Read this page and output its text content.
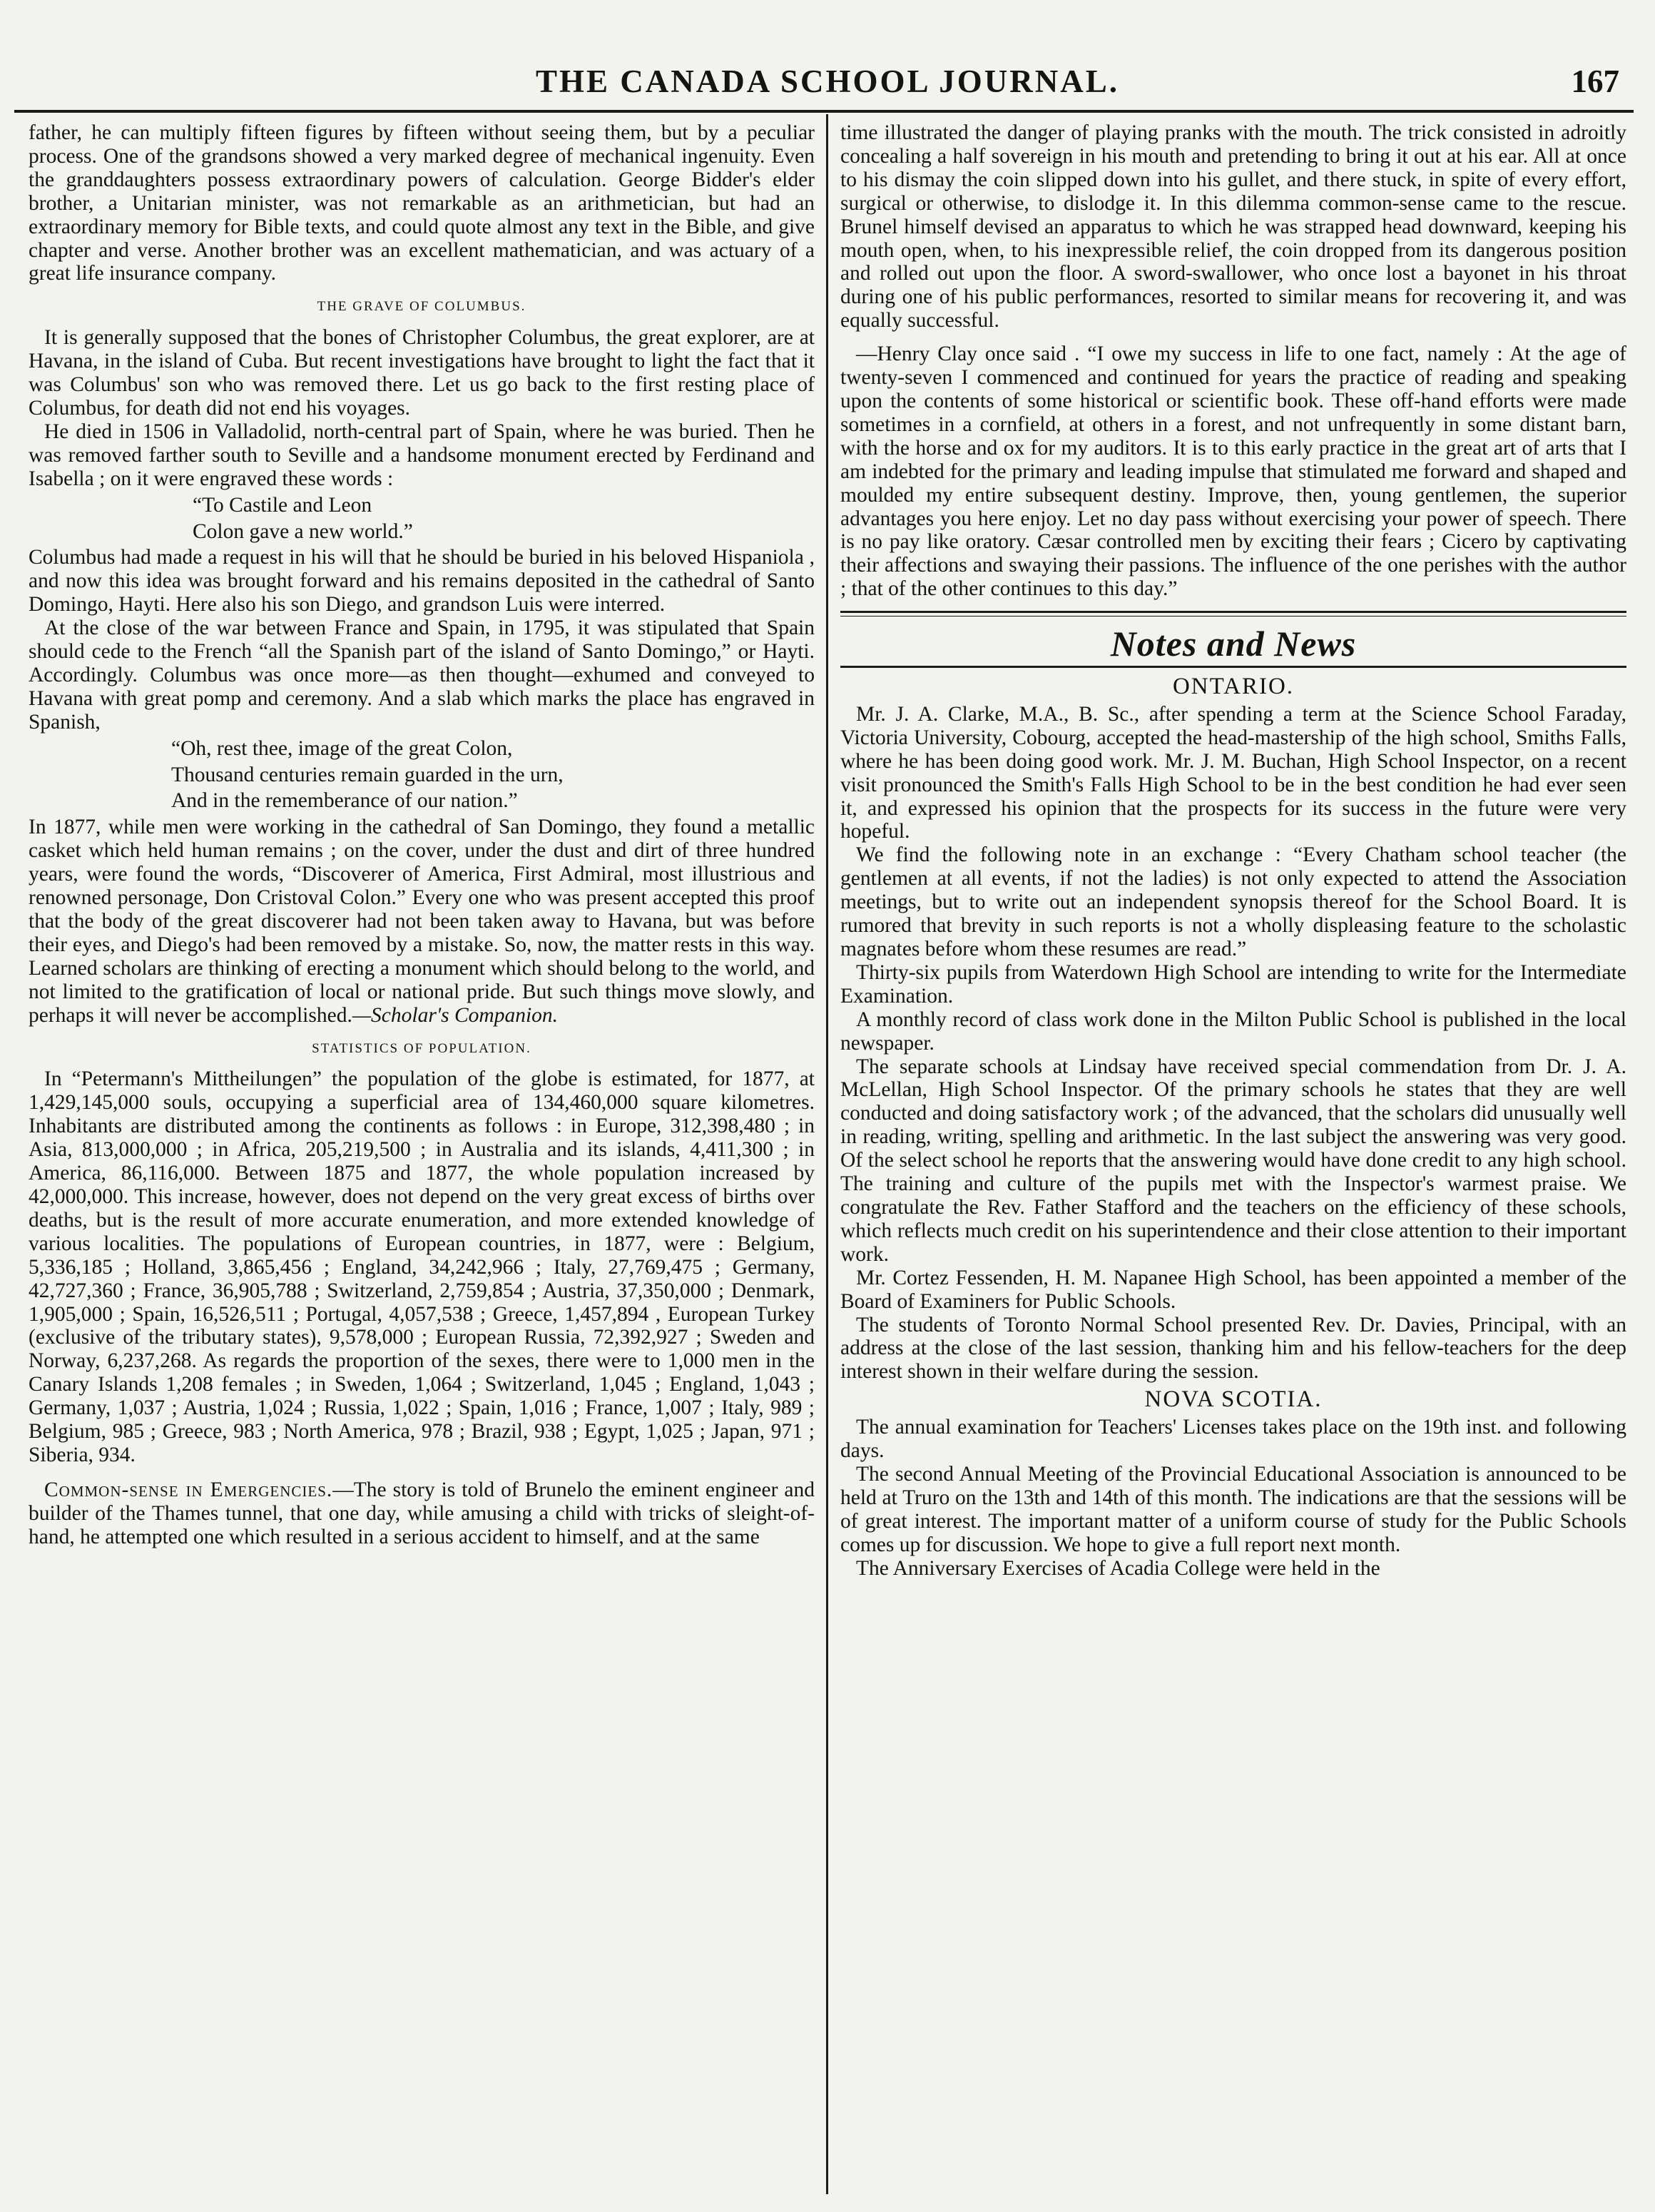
THE CANADA SCHOOL JOURNAL.	167

father, he can multiply fifteen figures by fifteen without seeing them, but by a peculiar process. One of the grandsons showed a very marked degree of mechanical ingenuity. Even the granddaughters possess extraordinary powers of calculation. George Bidder's elder brother, a Unitarian minister, was not remarkable as an arithmetician, but had an extraordinary memory for Bible texts, and could quote almost any text in the Bible, and give chapter and verse. Another brother was an excellent mathematician, and was actuary of a great life insurance company.

THE GRAVE OF COLUMBUS.

It is generally supposed that the bones of Christopher Columbus, the great explorer, are at Havana, in the island of Cuba. But recent investigations have brought to light the fact that it was Columbus' son who was removed there. Let us go back to the first resting place of Columbus, for death did not end his voyages.

He died in 1506 in Valladolid, north-central part of Spain, where he was buried. Then he was removed farther south to Seville and a handsome monument erected by Ferdinand and Isabella ; on it were engraved these words :

“To Castile and Leon

Colon gave a new world.”

Columbus had made a request in his will that he should be buried in his beloved Hispaniola , and now this idea was brought forward and his remains deposited in the cathedral of Santo Domingo, Hayti. Here also his son Diego, and grandson Luis were interred.

At the close of the war between France and Spain, in 1795, it was stipulated that Spain should cede to the French “all the Spanish part of the island of Santo Domingo,” or Hayti. Accordingly. Columbus was once more—as then thought—exhumed and conveyed to Havana with great pomp and ceremony. And a slab which marks the place has engraved in Spanish,

“Oh, rest thee, image of the great Colon,

Thousand centuries remain guarded in the urn,

And in the rememberance of our nation.”

In 1877, while men were working in the cathedral of San Domingo, they found a metallic casket which held human remains ; on the cover, under the dust and dirt of three hundred years, were found the words, “Discoverer of America, First Admiral, most illustrious and renowned personage, Don Cristoval Colon.” Every one who was present accepted this proof that the body of the great discoverer had not been taken away to Havana, but was before their eyes, and Diego's had been removed by a mistake. So, now, the matter rests in this way. Learned scholars are thinking of erecting a monument which should belong to the world, and not limited to the gratification of local or national pride. But such things move slowly, and perhaps it will never be accomplished.—Scholar's Companion.

STATISTICS OF POPULATION.

In “Petermann's Mittheilungen” the population of the globe is estimated, for 1877, at 1,429,145,000 souls, occupying a superficial area of 134,460,000 square kilometres. Inhabitants are distributed among the continents as follows : in Europe, 312,398,480 ; in Asia, 813,000,000 ; in Africa, 205,219,500 ; in Australia and its islands, 4,411,300 ; in America, 86,116,000. Between 1875 and 1877, the whole population increased by 42,000,000. This increase, however, does not depend on the very great excess of births over deaths, but is the result of more accurate enumeration, and more extended knowledge of various localities. The populations of European countries, in 1877, were : Belgium, 5,336,185 ; Holland, 3,865,456 ; England, 34,242,966 ; Italy, 27,769,475 ; Germany, 42,727,360 ; France, 36,905,788 ; Switzerland, 2,759,854 ; Austria, 37,350,000 ; Denmark, 1,905,000 ; Spain, 16,526,511 ; Portugal, 4,057,538 ; Greece, 1,457,894 , European Turkey (exclusive of the tributary states), 9,578,000 ; European Russia, 72,392,927 ; Sweden and Norway, 6,237,268. As regards the proportion of the sexes, there were to 1,000 men in the Canary Islands 1,208 females ; in Sweden, 1,064 ; Switzerland, 1,045 ; England, 1,043 ; Germany, 1,037 ; Austria, 1,024 ; Russia, 1,022 ; Spain, 1,016 ; France, 1,007 ; Italy, 989 ; Belgium, 985 ; Greece, 983 ; North America, 978 ; Brazil, 938 ; Egypt, 1,025 ; Japan, 971 ; Siberia, 934.

Common-sense in Emergencies.—The story is told of Brunelo the eminent engineer and builder of the Thames tunnel, that one day, while amusing a child with tricks of sleight-of-hand, he attempted one which resulted in a serious accident to himself, and at the same

time illustrated the danger of playing pranks with the mouth. The trick consisted in adroitly concealing a half sovereign in his mouth and pretending to bring it out at his ear. All at once to his dismay the coin slipped down into his gullet, and there stuck, in spite of every effort, surgical or otherwise, to dislodge it. In this dilemma common-sense came to the rescue. Brunel himself devised an apparatus to which he was strapped head downward, keeping his mouth open, when, to his inexpressible relief, the coin dropped from its dangerous position and rolled out upon the floor. A sword-swallower, who once lost a bayonet in his throat during one of his public performances, resorted to similar means for recovering it, and was equally successful.

—Henry Clay once said . “I owe my success in life to one fact, namely : At the age of twenty-seven I commenced and continued for years the practice of reading and speaking upon the contents of some historical or scientific book. These off-hand efforts were made sometimes in a cornfield, at others in a forest, and not unfrequently in some distant barn, with the horse and ox for my auditors. It is to this early practice in the great art of arts that I am indebted for the primary and leading impulse that stimulated me forward and shaped and moulded my entire subsequent destiny. Improve, then, young gentlemen, the superior advantages you here enjoy. Let no day pass without exercising your power of speech. There is no pay like oratory. Cæsar controlled men by exciting their fears ; Cicero by captivating their affections and swaying their passions. The influence of the one perishes with the author ; that of the other continues to this day.”

Notes and News
ONTARIO.

Mr. J. A. Clarke, M.A., B. Sc., after spending a term at the Science School Faraday, Victoria University, Cobourg, accepted the head-mastership of the high school, Smiths Falls, where he has been doing good work. Mr. J. M. Buchan, High School Inspector, on a recent visit pronounced the Smith's Falls High School to be in the best condition he had ever seen it, and expressed his opinion that the prospects for its success in the future were very hopeful.

We find the following note in an exchange : “Every Chatham school teacher (the gentlemen at all events, if not the ladies) is not only expected to attend the Association meetings, but to write out an independent synopsis thereof for the School Board. It is rumored that brevity in such reports is not a wholly displeasing feature to the scholastic magnates before whom these resumes are read.”

Thirty-six pupils from Waterdown High School are intending to write for the Intermediate Examination.

A monthly record of class work done in the Milton Public School is published in the local newspaper.

The separate schools at Lindsay have received special commendation from Dr. J. A. McLellan, High School Inspector. Of the primary schools he states that they are well conducted and doing satisfactory work ; of the advanced, that the scholars did unusually well in reading, writing, spelling and arithmetic. In the last subject the answering was very good. Of the select school he reports that the answering would have done credit to any high school. The training and culture of the pupils met with the Inspector's warmest praise. We congratulate the Rev. Father Stafford and the teachers on the efficiency of these schools, which reflects much credit on his superintendence and their close attention to their important work.

Mr. Cortez Fessenden, H. M. Napanee High School, has been appointed a member of the Board of Examiners for Public Schools.

The students of Toronto Normal School presented Rev. Dr. Davies, Principal, with an address at the close of the last session, thanking him and his fellow-teachers for the deep interest shown in their welfare during the session.

NOVA SCOTIA.

The annual examination for Teachers' Licenses takes place on the 19th inst. and following days.

The second Annual Meeting of the Provincial Educational Association is announced to be held at Truro on the 13th and 14th of this month. The indications are that the sessions will be of great interest. The important matter of a uniform course of study for the Public Schools comes up for discussion. We hope to give a full report next month.

The Anniversary Exercises of Acadia College were held in the
